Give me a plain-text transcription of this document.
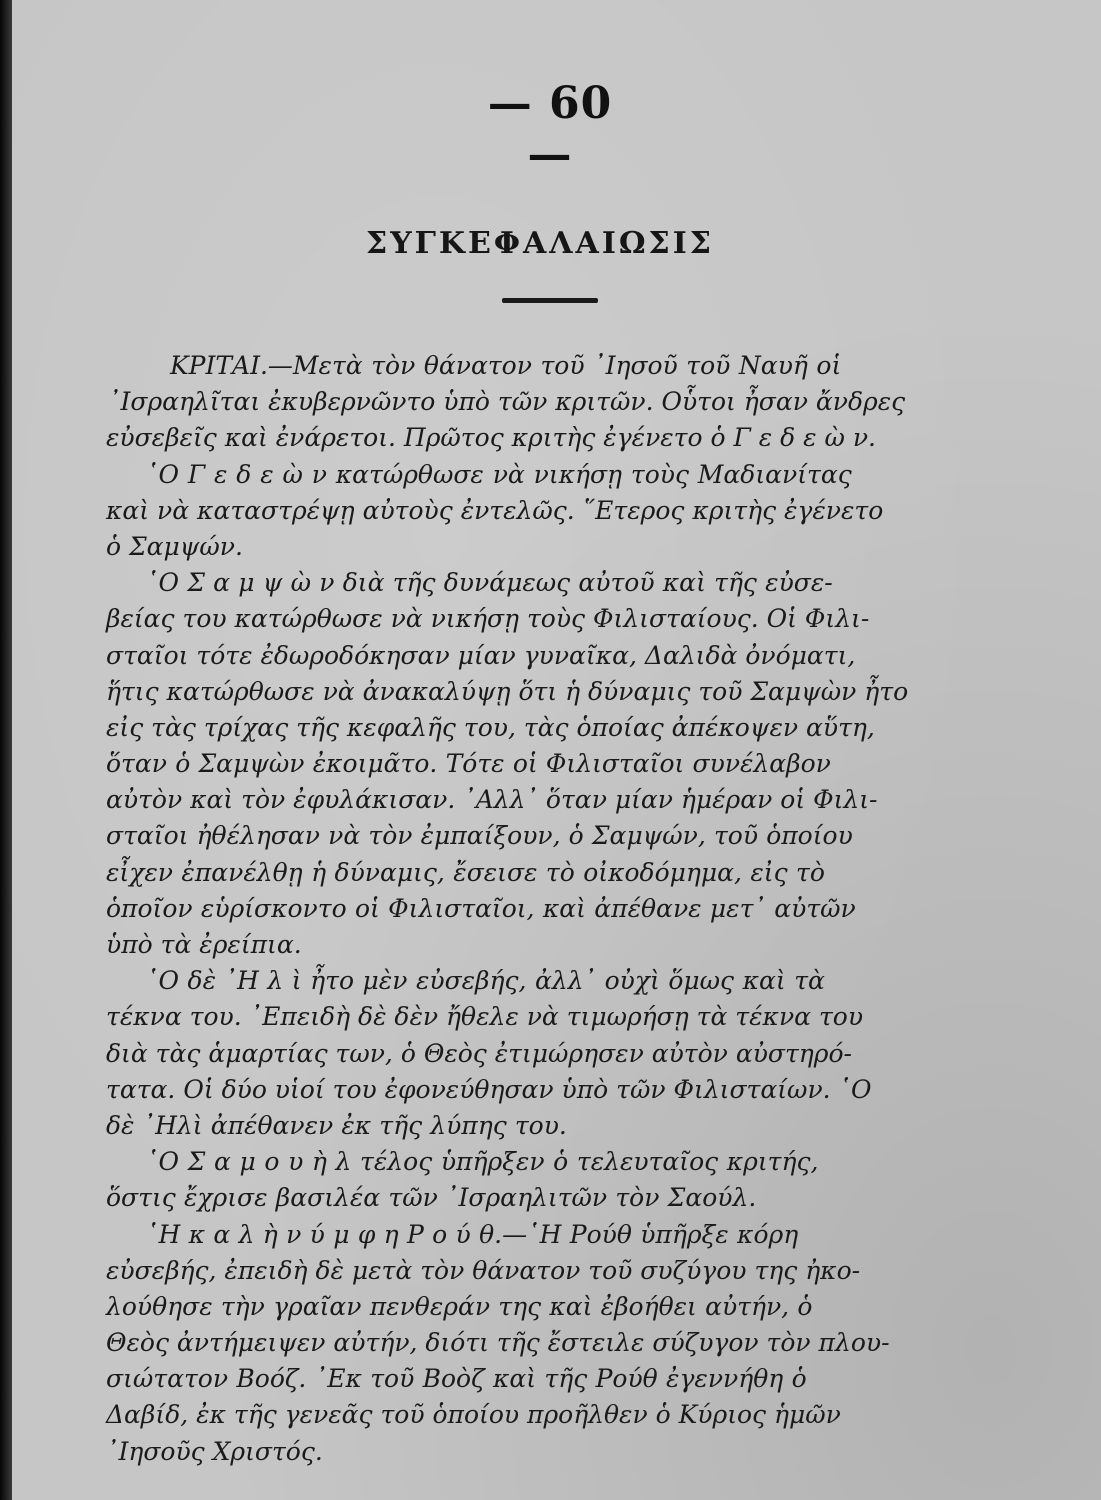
— 60 —
ΣΥΓΚΕΦΑΛΑΙΩΣΙΣ
ΚΡΙΤΑΙ.—Μετὰ τὸν θάνατον τοῦ ᾿Ιησοῦ τοῦ Ναυῆ οἱ
᾿Ισραηλῖται ἐκυβερνῶντο ὑπὸ τῶν κριτῶν. Οὗτοι ἦσαν ἄνδρες
εὐσεβεῖς καὶ ἐνάρετοι. Πρῶτος κριτὴς ἐγένετο ὁ Γ ε δ ε ὼ ν.
῾Ο Γ ε δ ε ὼ ν κατώρθωσε νὰ νικήσῃ τοὺς Μαδιανίτας
καὶ νὰ καταστρέψῃ αὐτοὺς ἐντελῶς. ῞Ετερος κριτὴς ἐγένετο
ὁ Σαμψών.
῾Ο Σ α μ ψ ὼ ν διὰ τῆς δυνάμεως αὐτοῦ καὶ τῆς εὐσε-
βείας του κατώρθωσε νὰ νικήσῃ τοὺς Φιλισταίους. Οἱ Φιλι-
σταῖοι τότε ἐδωροδόκησαν μίαν γυναῖκα, Δαλιδὰ ὀνόματι,
ἥτις κατώρθωσε νὰ ἀνακαλύψῃ ὅτι ἡ δύναμις τοῦ Σαμψὼν ἦτο
εἰς τὰς τρίχας τῆς κεφαλῆς του, τὰς ὁποίας ἀπέκοψεν αὕτη,
ὅταν ὁ Σαμψὼν ἐκοιμᾶτο. Τότε οἱ Φιλισταῖοι συνέλαβον
αὐτὸν καὶ τὸν ἐφυλάκισαν. ᾿Αλλ᾿ ὅταν μίαν ἡμέραν οἱ Φιλι-
σταῖοι ἠθέλησαν νὰ τὸν ἐμπαίξουν, ὁ Σαμψών, τοῦ ὁποίου
εἶχεν ἐπανέλθῃ ἡ δύναμις, ἔσεισε τὸ οἰκοδόμημα, εἰς τὸ
ὁποῖον εὑρίσκοντο οἱ Φιλισταῖοι, καὶ ἀπέθανε μετ᾿ αὐτῶν
ὑπὸ τὰ ἐρείπια.
῾Ο δὲ ᾿Η λ ὶ ἦτο μὲν εὐσεβής, ἀλλ᾿ οὐχὶ ὅμως καὶ τὰ
τέκνα του. ᾿Επειδὴ δὲ δὲν ἤθελε νὰ τιμωρήσῃ τὰ τέκνα του
διὰ τὰς ἁμαρτίας των, ὁ Θεὸς ἐτιμώρησεν αὐτὸν αὐστηρό-
τατα. Οἱ δύο υἱοί του ἐφονεύθησαν ὑπὸ τῶν Φιλισταίων. ῾Ο
δὲ ᾿Ηλὶ ἀπέθανεν ἐκ τῆς λύπης του.
῾Ο Σ α μ ο υ ὴ λ τέλος ὑπῆρξεν ὁ τελευταῖος κριτής,
ὅστις ἔχρισε βασιλέα τῶν ᾿Ισραηλιτῶν τὸν Σαούλ.
῾Η κ α λ ὴ ν ύ μ φ η Ρ ο ύ θ.—῾Η Ρούθ ὑπῆρξε κόρη
εὐσεβής, ἐπειδὴ δὲ μετὰ τὸν θάνατον τοῦ συζύγου της ἠκο-
λούθησε τὴν γραῖαν πενθεράν της καὶ ἐβοήθει αὐτήν, ὁ
Θεὸς ἀντήμειψεν αὐτήν, διότι τῆς ἔστειλε σύζυγον τὸν πλου-
σιώτατον Βοόζ. ᾿Εκ τοῦ Βοὸζ καὶ τῆς Ρούθ ἐγεννήθη ὁ
Δαβίδ, ἐκ τῆς γενεᾶς τοῦ ὁποίου προῆλθεν ὁ Κύριος ἡμῶν
᾿Ιησοῦς Χριστός.
